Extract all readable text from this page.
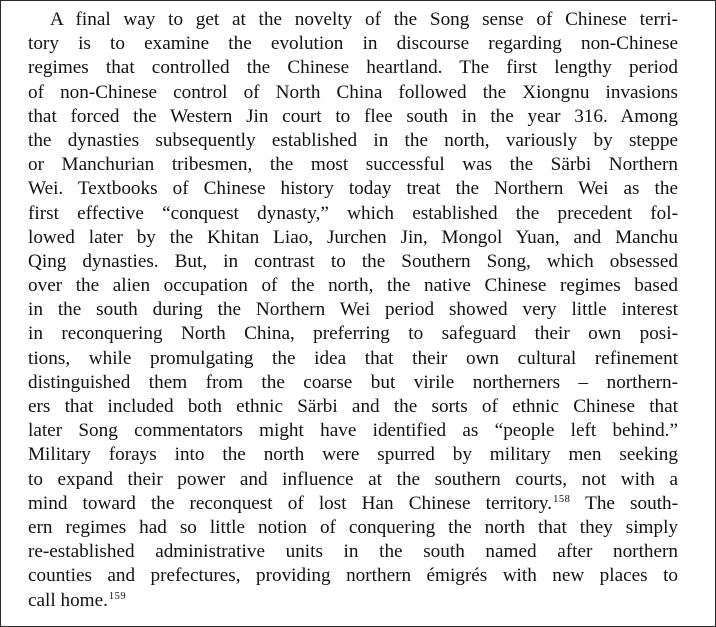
A final way to get at the novelty of the Song sense of Chinese terri-
tory is to examine the evolution in discourse regarding non-Chinese
regimes that controlled the Chinese heartland. The first lengthy period
of non-Chinese control of North China followed the Xiongnu invasions
that forced the Western Jin court to flee south in the year 316. Among
the dynasties subsequently established in the north, variously by steppe
or Manchurian tribesmen, the most successful was the Särbi Northern
Wei. Textbooks of Chinese history today treat the Northern Wei as the
first effective “conquest dynasty,” which established the precedent fol-
lowed later by the Khitan Liao, Jurchen Jin, Mongol Yuan, and Manchu
Qing dynasties. But, in contrast to the Southern Song, which obsessed
over the alien occupation of the north, the native Chinese regimes based
in the south during the Northern Wei period showed very little interest
in reconquering North China, preferring to safeguard their own posi-
tions, while promulgating the idea that their own cultural refinement
distinguished them from the coarse but virile northerners – northern-
ers that included both ethnic Särbi and the sorts of ethnic Chinese that
later Song commentators might have identified as “people left behind.”
Military forays into the north were spurred by military men seeking
to expand their power and influence at the southern courts, not with a
mind toward the reconquest of lost Han Chinese territory.$^{158}$ The south-
ern regimes had so little notion of conquering the north that they simply
re-established administrative units in the south named after northern
counties and prefectures, providing northern émigrés with new places to
call home.$^{159}$
